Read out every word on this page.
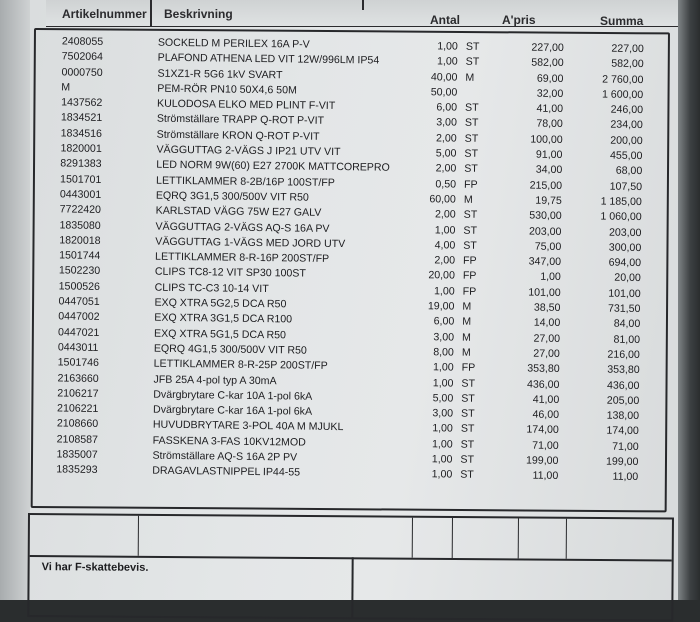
Artikelnummer Beskrivning	Antal	A'pris	Summa
2408055	SOCKELD M PERILEX 16A P-V	1,00 ST	227,00	227,00
7502064	PLAFOND ATHENA LED VIT 12W/996LM IP54	1,00 ST	582,00	582,00
0000750	S1XZ1-R 5G6 1kV SVART	40,00 M	69,00	2 760,00
M	PEM-RÖR PN10 50X4,6 50M	50,00	32,00	1 600,00
1437562	KULODOSA ELKO MED PLINT F-VIT	6,00 ST	41,00	246,00
1834521	Strömställare TRAPP Q-ROT P-VIT	3,00 ST	78,00	234,00
1834516	Strömställare KRON Q-ROT P-VIT	2,00 ST	100,00	200,00
1820001	VÄGGUTTAG 2-VÄGS J IP21 UTV VIT	5,00 ST	91,00	455,00
8291383	LED NORM 9W(60) E27 2700K MATTCOREPRO	2,00 ST	34,00	68,00
1501701	LETTIKLAMMER 8-2B/16P 100ST/FP	0,50 FP	215,00	107,50
0443001	EQRQ 3G1,5 300/500V VIT R50	60,00 M	19,75	1 185,00
7722420	KARLSTAD VÄGG 75W E27 GALV	2,00 ST	530,00	1 060,00
1835080	VÄGGUTTAG 2-VÄGS AQ-S 16A PV	1,00 ST	203,00	203,00
1820018	VÄGGUTTAG 1-VÄGS MED JORD UTV	4,00 ST	75,00	300,00
1501744	LETTIKLAMMER 8-R-16P 200ST/FP	2,00 FP	347,00	694,00
1502230	CLIPS TC8-12 VIT SP30 100ST	20,00 FP	1,00	20,00
1500526	CLIPS TC-C3 10-14 VIT	1,00 FP	101,00	101,00
0447051	EXQ XTRA 5G2,5 DCA R50	19,00 M	38,50	731,50
0447002	EXQ XTRA 3G1,5 DCA R100	6,00 M	14,00	84,00
0447021	EXQ XTRA 5G1,5 DCA R50	3,00 M	27,00	81,00
0443011	EQRQ 4G1,5 300/500V VIT R50	8,00 M	27,00	216,00
1501746	LETTIKLAMMER 8-R-25P 200ST/FP	1,00 FP	353,80	353,80
2163660	JFB 25A 4-pol typ A 30mA	1,00 ST	436,00	436,00
2106217	Dvärgbrytare C-kar 10A 1-pol 6kA	5,00 ST	41,00	205,00
2106221	Dvärgbrytare C-kar 16A 1-pol 6kA	3,00 ST	46,00	138,00
2108660	HUVUDBRYTARE 3-POL 40A M MJUKL	1,00 ST	174,00	174,00
2108587	FASSKENA 3-FAS 10KV12MOD	1,00 ST	71,00	71,00
1835007	Strömställare AQ-S 16A 2P PV	1,00 ST	199,00	199,00
1835293	DRAGAVLASTNIPPEL IP44-55	1,00 ST	11,00	11,00
Vi har F-skattebevis.
